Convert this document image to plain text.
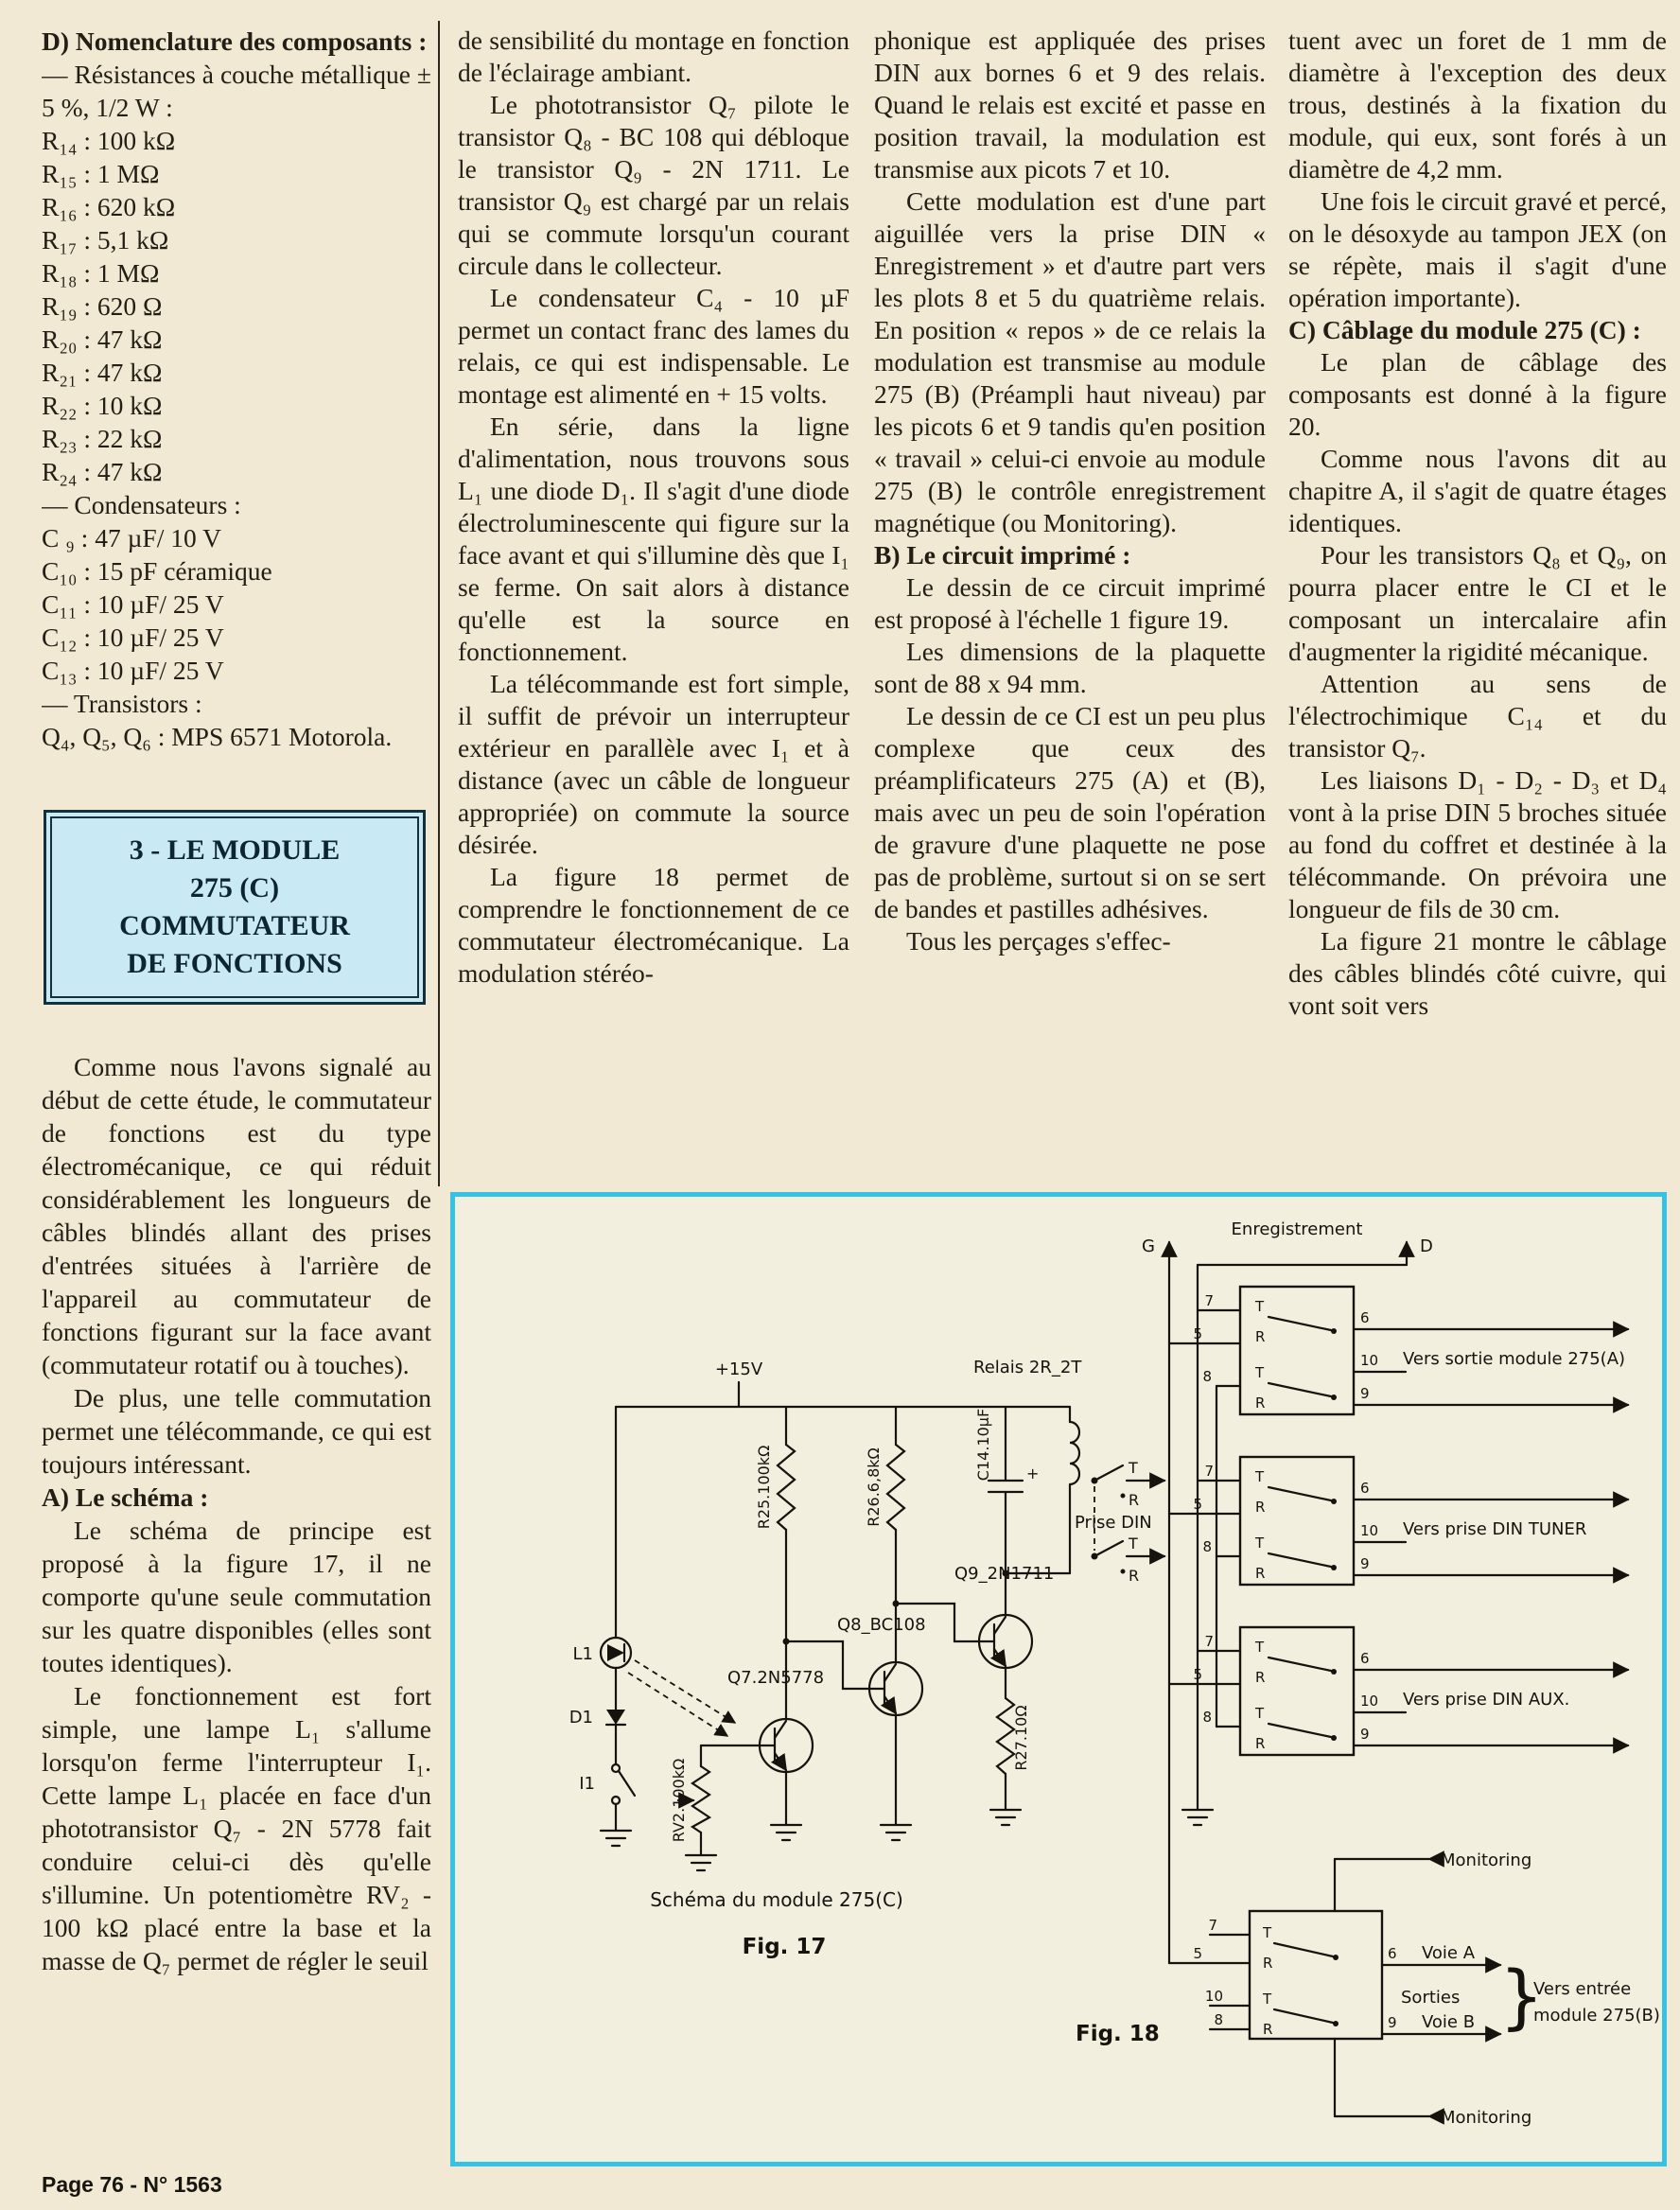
D) Nomenclature des composants :
— Résistances à couche métallique ± 5 %, 1/2 W :
R₁₄ : 100 kΩ
R₁₅ : 1 MΩ
R₁₆ : 620 kΩ
R₁₇ : 5,1 kΩ
R₁₈ : 1 MΩ
R₁₉ : 620 Ω
R₂₀ : 47 kΩ
R₂₁ : 47 kΩ
R₂₂ : 10 kΩ
R₂₃ : 22 kΩ
R₂₄ : 47 kΩ
— Condensateurs :
C ₉ : 47 µF/ 10 V
C₁₀ : 15 pF céramique
C₁₁ : 10 µF/ 25 V
C₁₂ : 10 µF/ 25 V
C₁₃ : 10 µF/ 25 V
— Transistors :
Q₄, Q₅, Q₆ : MPS 6571 Motorola.
3 - LE MODULE
275 (C)
COMMUTATEUR
DE FONCTIONS

Comme nous l'avons signalé au début de cette étude, le commutateur de fonctions est du type électromécanique, ce qui réduit considérablement les longueurs de câbles blindés allant des prises d'entrées situées à l'arrière de l'appareil au commutateur de fonctions figurant sur la face avant (commutateur rotatif ou à touches).

De plus, une telle commutation permet une télécommande, ce qui est toujours intéressant.

A) Le schéma :

Le schéma de principe est proposé à la figure 17, il ne comporte qu'une seule commutation sur les quatre disponibles (elles sont toutes identiques).

Le fonctionnement est fort simple, une lampe L₁ s'allume lorsqu'on ferme l'interrupteur I₁. Cette lampe L₁ placée en face d'un phototransistor Q₇ - 2N 5778 fait conduire celui-ci dès qu'elle s'illumine. Un potentiomètre RV₂ - 100 kΩ placé entre la base et la masse de Q₇ permet de régler le seuil

de sensibilité du montage en fonction de l'éclairage ambiant.

Le phototransistor Q₇ pilote le transistor Q₈ - BC 108 qui débloque le transistor Q₉ - 2N 1711. Le transistor Q₉ est chargé par un relais qui se commute lorsqu'un courant circule dans le collecteur.

Le condensateur C₄ - 10 µF permet un contact franc des lames du relais, ce qui est indispensable. Le montage est alimenté en + 15 volts.

En série, dans la ligne d'alimentation, nous trouvons sous L₁ une diode D₁. Il s'agit d'une diode électroluminescente qui figure sur la face avant et qui s'illumine dès que I₁ se ferme. On sait alors à distance qu'elle est la source en fonctionnement.

La télécommande est fort simple, il suffit de prévoir un interrupteur extérieur en parallèle avec I₁ et à distance (avec un câble de longueur appropriée) on commute la source désirée.

La figure 18 permet de comprendre le fonctionnement de ce commutateur électromécanique. La modulation stéréo-

phonique est appliquée des prises DIN aux bornes 6 et 9 des relais. Quand le relais est excité et passe en position travail, la modulation est transmise aux picots 7 et 10.

Cette modulation est d'une part aiguillée vers la prise DIN « Enregistrement » et d'autre part vers les plots 8 et 5 du quatrième relais. En position « repos » de ce relais la modulation est transmise au module 275 (B) (Préampli haut niveau) par les picots 6 et 9 tandis qu'en position « travail » celui-ci envoie au module 275 (B) le contrôle enregistrement magnétique (ou Monitoring).

B) Le circuit imprimé :

Le dessin de ce circuit imprimé est proposé à l'échelle 1 figure 19.

Les dimensions de la plaquette sont de 88 x 94 mm.

Le dessin de ce CI est un peu plus complexe que ceux des préamplificateurs 275 (A) et (B), mais avec un peu de soin l'opération de gravure d'une plaquette ne pose pas de problème, surtout si on se sert de bandes et pastilles adhésives.

Tous les perçages s'effec-

tuent avec un foret de 1 mm de diamètre à l'exception des deux trous, destinés à la fixation du module, qui eux, sont forés à un diamètre de 4,2 mm.

Une fois le circuit gravé et percé, on le désoxyde au tampon JEX (on se répète, mais il s'agit d'une opération importante).

C) Câblage du module 275 (C) :

Le plan de câblage des composants est donné à la figure 20.

Comme nous l'avons dit au chapitre A, il s'agit de quatre étages identiques.

Pour les transistors Q₈ et Q₉, on pourra placer entre le CI et le composant un intercalaire afin d'augmenter la rigidité mécanique.

Attention au sens de l'électrochimique C₁₄ et du transistor Q₇.

Les liaisons D₁ - D₂ - D₃ et D₄ vont à la prise DIN 5 broches située au fond du coffret et destinée à la télécommande. On prévoira une longueur de fils de 30 cm.

La figure 21 montre le câblage des câbles blindés côté cuivre, qui vont soit vers

+15V
L1
D1
I1	RV2.100kΩ
R25.100kΩ
Q7.2N5778
R26.6,8kΩ
Q8_BC108
C14.10µF +
Q9_2N1711
R27.10Ω
Relais 2R_2T
T
R
T
R
Prise DIN
Schéma du module 275(C)
Fig. 17
G	D
Enregistrement
7
5
8
T
R
T
R
6
10
9
Vers sortie module 275(A)
7
5
8
T
R
T
R
6
10
9
Vers prise DIN TUNER
7
5
8
T
R
T
R
6
10
9
Vers prise DIN AUX.
7
5
10
8
T
R
T
R
6
9
Voie A
Voie B
Sorties }
Vers entrée
module 275(B)
Monitoring
Monitoring
Fig. 18
Page 76 - N° 1563
